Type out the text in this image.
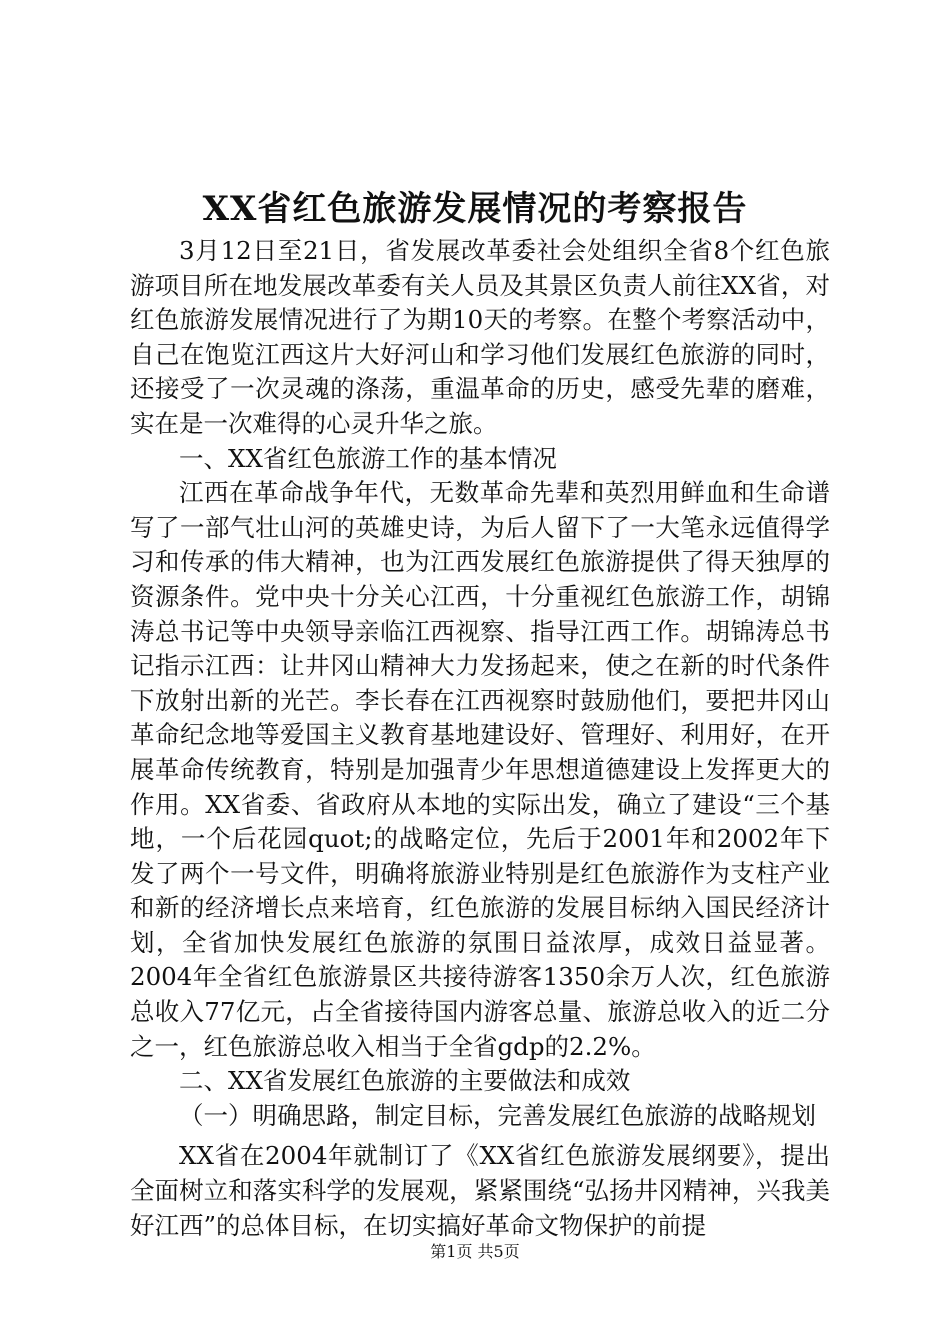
XX省红色旅游发展情况的考察报告

3月12日至21日，省发展改革委社会处组织全省8个红色旅游项目所在地发展改革委有关人员及其景区负责人前往XX省，对红色旅游发展情况进行了为期10天的考察。在整个考察活动中，自己在饱览江西这片大好河山和学习他们发展红色旅游的同时，还接受了一次灵魂的涤荡，重温革命的历史，感受先辈的磨难，实在是一次难得的心灵升华之旅。

一、XX省红色旅游工作的基本情况

江西在革命战争年代，无数革命先辈和英烈用鲜血和生命谱写了一部气壮山河的英雄史诗，为后人留下了一大笔永远值得学习和传承的伟大精神，也为江西发展红色旅游提供了得天独厚的资源条件。党中央十分关心江西，十分重视红色旅游工作，胡锦涛总书记等中央领导亲临江西视察、指导江西工作。胡锦涛总书记指示江西：让井冈山精神大力发扬起来，使之在新的时代条件下放射出新的光芒。李长春在江西视察时鼓励他们，要把井冈山革命纪念地等爱国主义教育基地建设好、管理好、利用好，在开展革命传统教育，特别是加强青少年思想道德建设上发挥更大的作用。XX省委、省政府从本地的实际出发，确立了建设“三个基地，一个后花园quot;的战略定位，先后于2001年和2002年下发了两个一号文件，明确将旅游业特别是红色旅游作为支柱产业和新的经济增长点来培育，红色旅游的发展目标纳入国民经济计划，全省加快发展红色旅游的氛围日益浓厚，成效日益显著。2004年全省红色旅游景区共接待游客1350余万人次，红色旅游总收入77亿元，占全省接待国内游客总量、旅游总收入的近二分之一，红色旅游总收入相当于全省gdp的2.2%。

二、XX省发展红色旅游的主要做法和成效

（一）明确思路，制定目标，完善发展红色旅游的战略规划

XX省在2004年就制订了《XX省红色旅游发展纲要》，提出全面树立和落实科学的发展观，紧紧围绕“弘扬井冈精神，兴我美好江西”的总体目标，在切实搞好革命文物保护的前提

第1页 共5页
